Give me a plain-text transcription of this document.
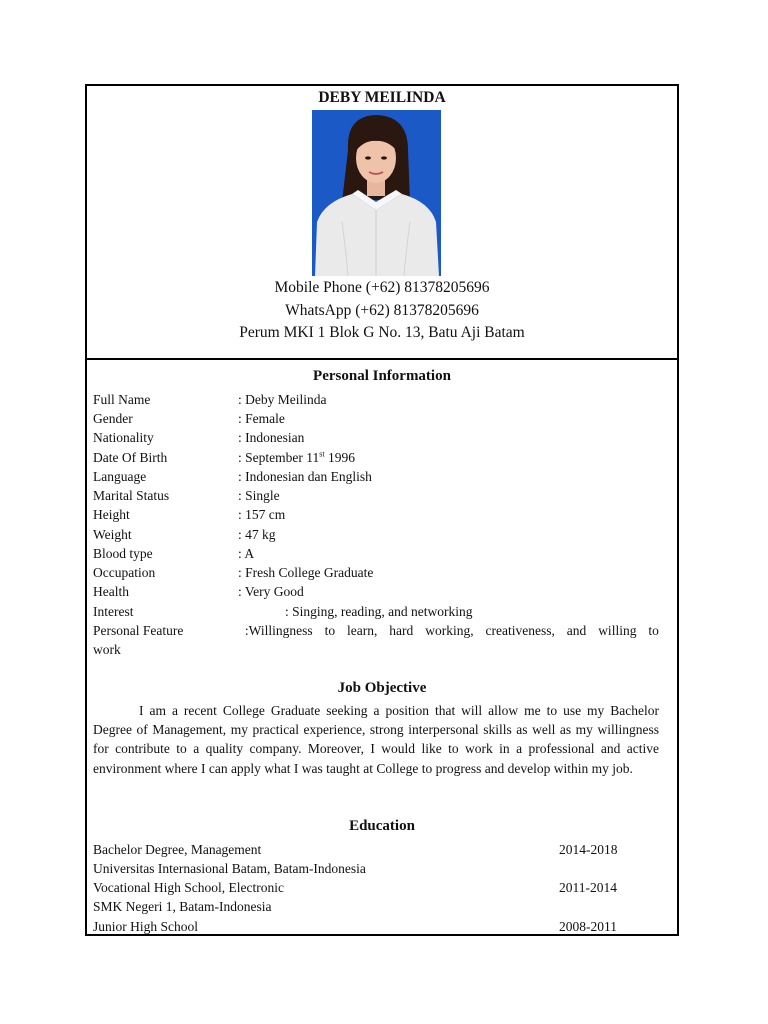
DEBY MEILINDA
Mobile Phone (+62) 81378205696
WhatsApp (+62) 81378205696
Perum MKI 1 Blok G No. 13, Batu Aji Batam
Personal Information
Full Name	: Deby Meilinda
Gender	: Female
Nationality	: Indonesian
Date Of Birth	: September 11st 1996
Language	: Indonesian dan English
Marital Status	: Single
Height	: 157 cm
Weight	: 47 kg
Blood type	: A
Occupation	: Fresh College Graduate
Health	: Very Good
Interest	: Singing, reading, and networking
Personal Feature	:Willingness to learn, hard working, creativeness, and willing to
work
Job Objective
I am a recent College Graduate seeking a position that will allow me to use my Bachelor Degree of Management, my practical experience, strong interpersonal skills as well as my willingness for contribute to a quality company. Moreover, I would like to work in a professional and active environment where I can apply what I was taught at College to progress and develop within my job.
Education
Bachelor Degree, Management	2014-2018
Universitas Internasional Batam, Batam-Indonesia
Vocational High School, Electronic	2011-2014
SMK Negeri 1, Batam-Indonesia
Junior High School	2008-2011
